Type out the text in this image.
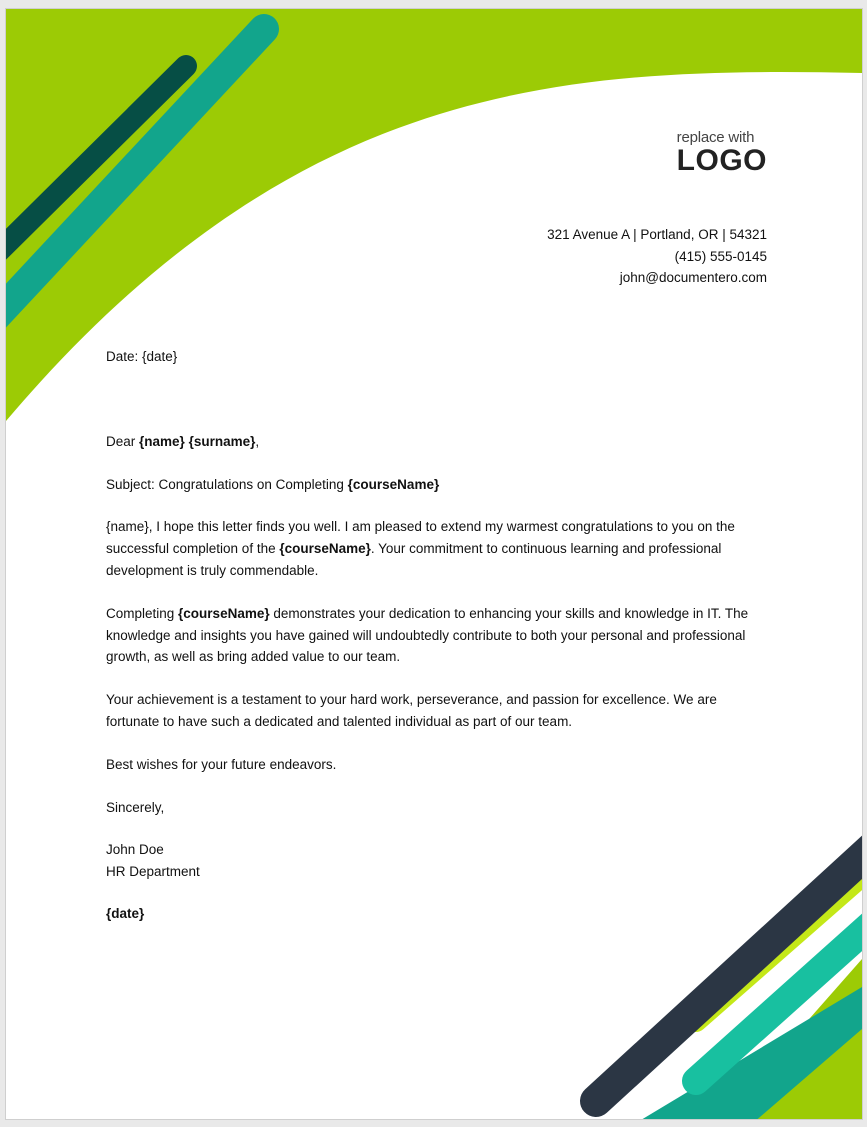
replace with
LOGO
321 Avenue A | Portland, OR | 54321
(415) 555-0145
john@documentero.com

Date: {date}

Dear {name} {surname},

Subject: Congratulations on Completing {courseName}

{name}, I hope this letter finds you well. I am pleased to extend my warmest congratulations to you on the successful completion of the {courseName}. Your commitment to continuous learning and professional development is truly commendable.

Completing {courseName} demonstrates your dedication to enhancing your skills and knowledge in IT. The knowledge and insights you have gained will undoubtedly contribute to both your personal and professional growth, as well as bring added value to our team.

Your achievement is a testament to your hard work, perseverance, and passion for excellence. We are fortunate to have such a dedicated and talented individual as part of our team.

Best wishes for your future endeavors.

Sincerely,

John Doe

HR Department

{date}
